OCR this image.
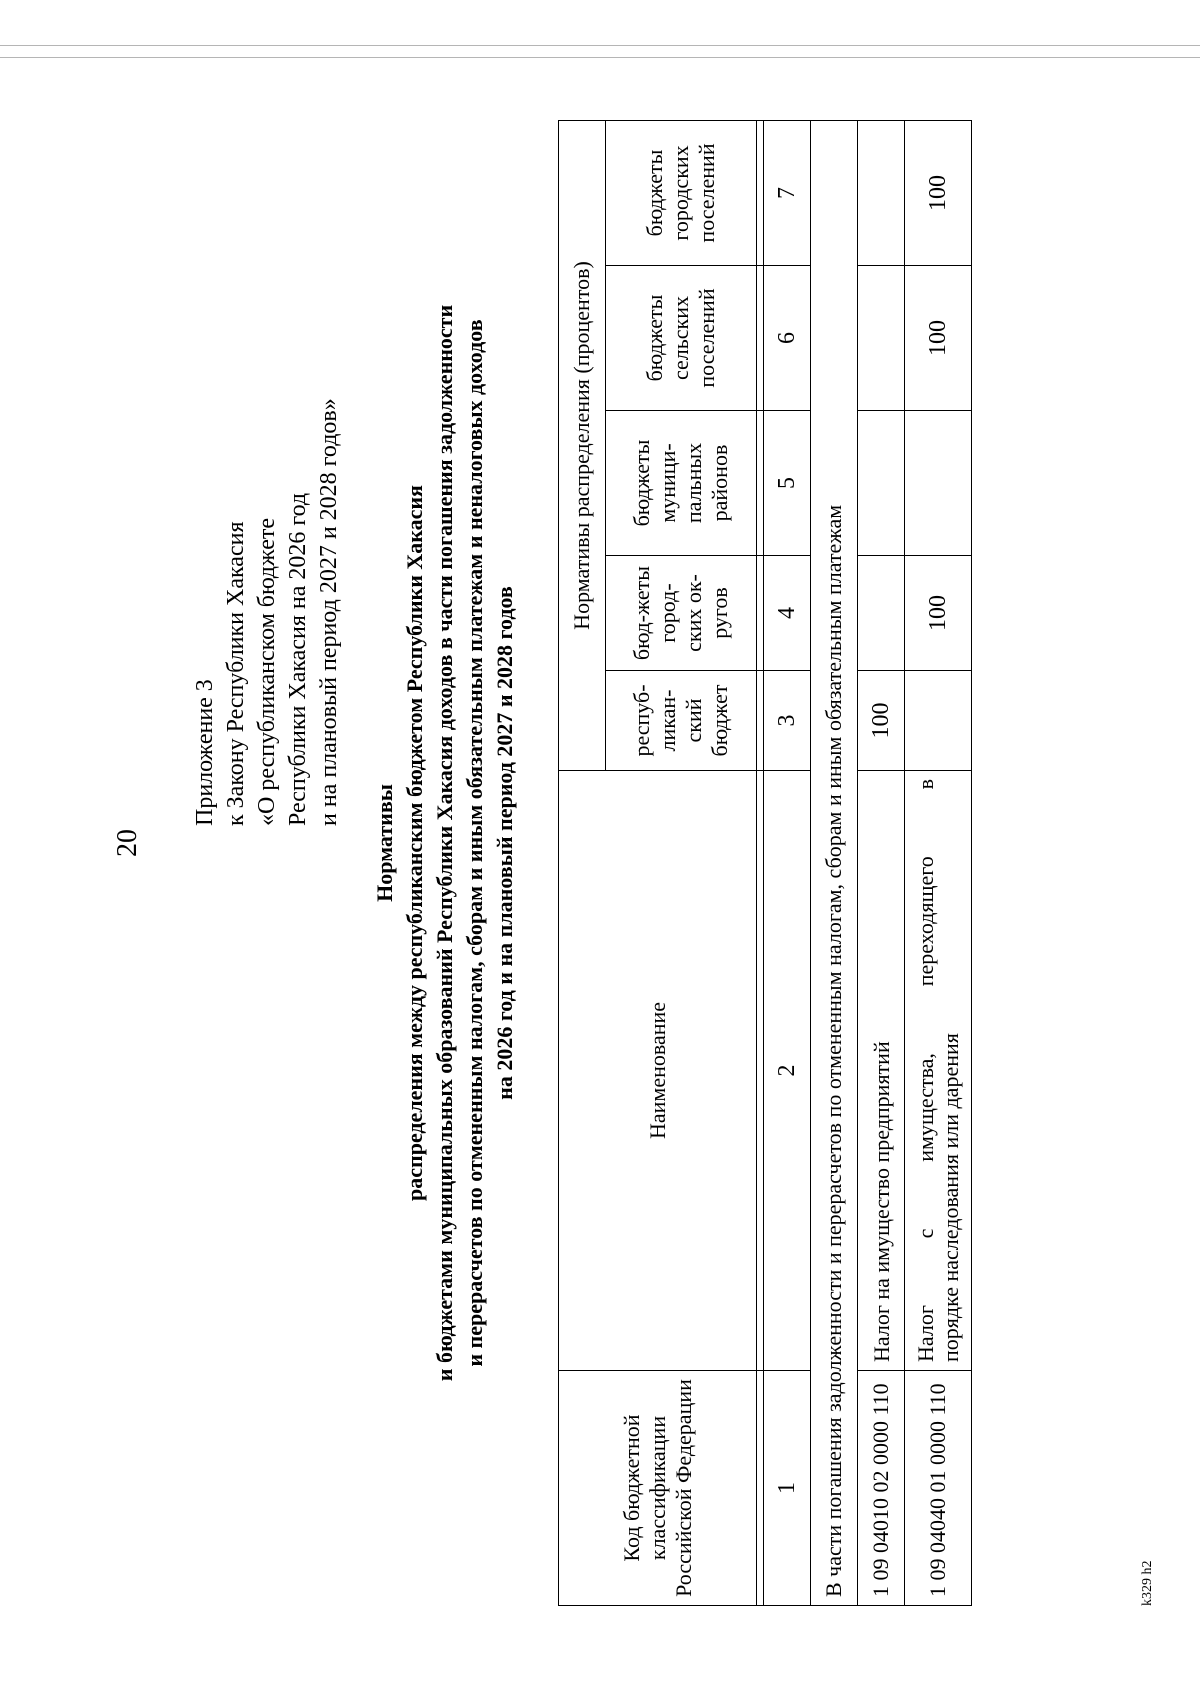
20
Приложение 3 к Закону Республики Хакасия «О республиканском бюджете Республики Хакасия на 2026 год и на плановый период 2027 и 2028 годов»
Нормативы распределения между республиканским бюджетом Республики Хакасия и бюджетами муниципальных образований Республики Хакасия доходов в части погашения задолженности и перерасчетов по отмененным налогам, сборам и иным обязательным платежам и неналоговых доходов на 2026 год и на плановый период 2027 и 2028 годов
Код бюджетной классификации Российской Федерации	Наименование	Нормативы распределения (процентов)				
		респуб-ликан-ский бюджет	бюд-жеты город-ских ок-ругов	бюджеты муници-пальных районов	бюджеты сельских поселений	бюджеты городских поселений

1	2	3	4	5	6	7
В части погашения задолженности и перерасчетов по отмененным налогам, сборам и иным обязательным платежам						
1 09 04010 02 0000 110	Налог на имущество предприятий	100				
1 09 04040 01 0000 110	Налог с имущества, переходящего в порядке наследования или дарения		100		100	100
k329 h2
